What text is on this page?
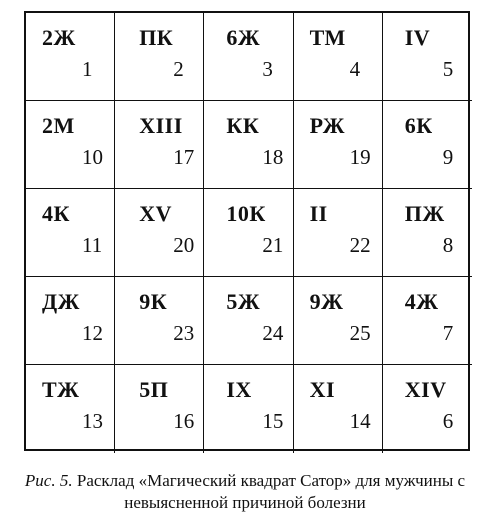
2Ж
1
ПК
2
6Ж
3
ТМ
4
IV
5
2М
10
XIII
17
КК
18
РЖ
19
6К
9
4К
11
XV
20
10К
21
II
22
ПЖ
8
ДЖ
12
9К
23
5Ж
24
9Ж
25
4Ж
7
ТЖ
13
5П
16
IX
15
XI
14
XIV
6
Рис. 5. Расклад «Магический квадрат Сатор» для мужчины с невыясненной причиной болезни
